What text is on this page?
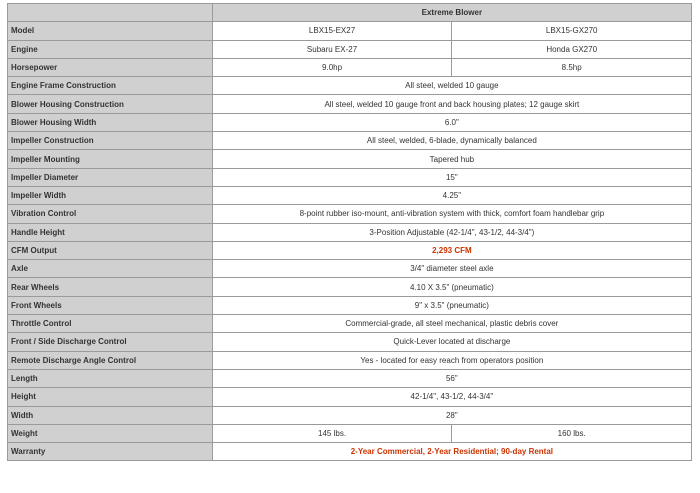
	Extreme Blower	
Model	LBX15-EX27	LBX15-GX270
Engine	Subaru EX-27	Honda GX270
Horsepower	9.0hp	8.5hp
Engine Frame Construction	All steel, welded 10 gauge	
Blower Housing Construction	All steel, welded 10 gauge front and back housing plates; 12 gauge skirt	
Blower Housing Width	6.0"	
Impeller Construction	All steel, welded, 6-blade, dynamically balanced	
Impeller Mounting	Tapered hub	
Impeller Diameter	15"	
Impeller Width	4.25"	
Vibration Control	8-point rubber iso-mount, anti-vibration system with thick, comfort foam handlebar grip	
Handle Height	3-Position Adjustable (42-1/4", 43-1/2, 44-3/4")	
CFM Output	2,293 CFM	
Axle	3/4" diameter steel axle	
Rear Wheels	4.10 X 3.5" (pneumatic)	
Front Wheels	9" x 3.5" (pneumatic)	
Throttle Control	Commercial-grade, all steel mechanical, plastic debris cover	
Front / Side Discharge Control	Quick-Lever located at discharge	
Remote Discharge Angle Control	Yes - located for easy reach from operators position	
Length	56"	
Height	42-1/4", 43-1/2, 44-3/4"	
Width	28"	
Weight	145 lbs.	160 lbs.
Warranty	2-Year Commercial, 2-Year Residential; 90-day Rental	
